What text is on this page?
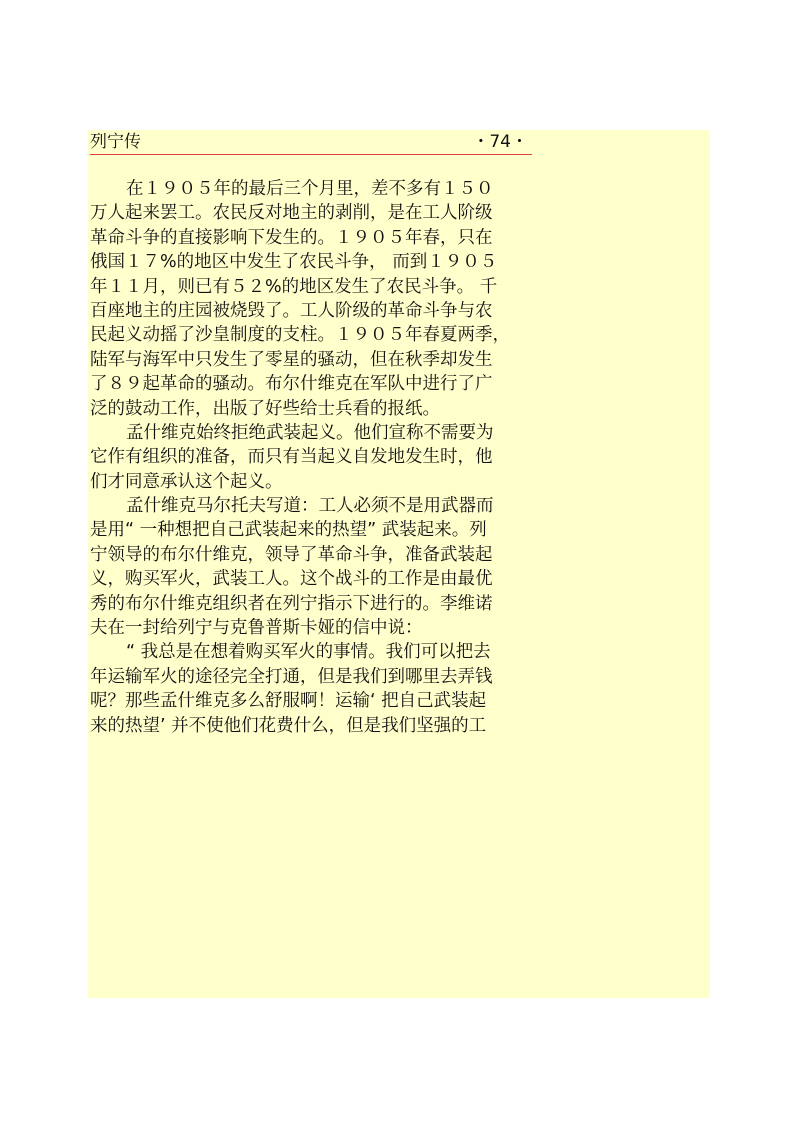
列宁传	・74・
在１９０５年的最后三个月里，差不多有１５０
万人起来罢工。农民反对地主的剥削，是在工人阶级
革命斗争的直接影响下发生的。１９０５年春，只在
俄国１７%的地区中发生了农民斗争， 而到１９０５
年１１月，则已有５２%的地区发生了农民斗争。 千
百座地主的庄园被烧毁了。工人阶级的革命斗争与农
民起义动摇了沙皇制度的支柱。１９０５年春夏两季，
陆军与海军中只发生了零星的骚动，但在秋季却发生
了８９起革命的骚动。布尔什维克在军队中进行了广
泛的鼓动工作，出版了好些给士兵看的报纸。
孟什维克始终拒绝武装起义。他们宣称不需要为
它作有组织的准备，而只有当起义自发地发生时，他
们才同意承认这个起义。
孟什维克马尔托夫写道：工人必须不是用武器而
是用“ 一种想把自己武装起来的热望” 武装起来。列
宁领导的布尔什维克，领导了革命斗争，准备武装起
义，购买军火，武装工人。这个战斗的工作是由最优
秀的布尔什维克组织者在列宁指示下进行的。李维诺
夫在一封给列宁与克鲁普斯卡娅的信中说：
“ 我总是在想着购买军火的事情。我们可以把去
年运输军火的途径完全打通，但是我们到哪里去弄钱
呢？那些孟什维克多么舒服啊！运输‘ 把自己武装起
来的热望’ 并不使他们花费什么，但是我们坚强的工
